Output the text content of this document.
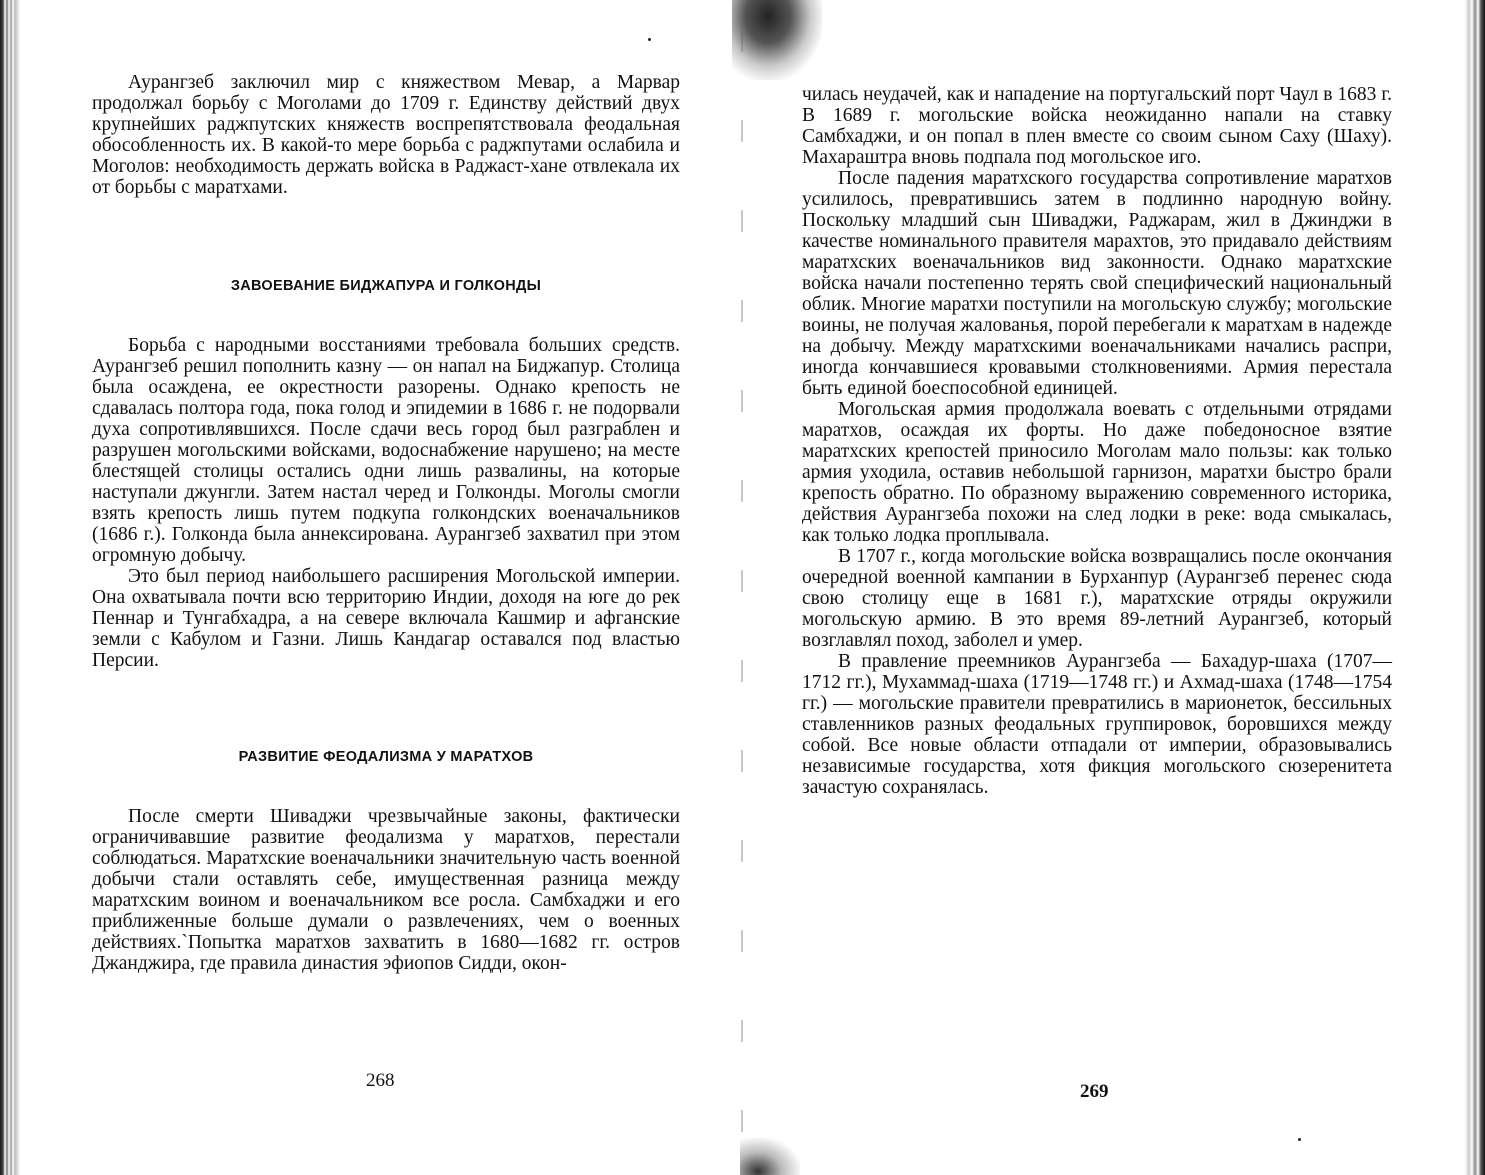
Аурангзеб заключил мир с княжеством Мевар, а Марвар продолжал борьбу с Моголами до 1709 г. Единству действий двух крупнейших раджпутских княжеств воспрепятствовала феодальная обособленность их. В какой-то мере борьба с раджпутами ослабила и Моголов: необходимость держать войска в Раджаст-хане отвлекала их от борьбы с маратхами.

ЗАВОЕВАНИЕ БИДЖАПУРА И ГОЛКОНДЫ

Борьба с народными восстаниями требовала больших средств. Аурангзеб решил пополнить казну — он напал на Биджапур. Столица была осаждена, ее окрестности разорены. Однако крепость не сдавалась полтора года, пока голод и эпидемии в 1686 г. не подорвали духа сопротивлявшихся. После сдачи весь город был разграблен и разрушен могольскими войсками, водоснабжение нарушено; на месте блестящей столицы остались одни лишь развалины, на которые наступали джунгли. Затем настал черед и Голконды. Моголы смогли взять крепость лишь путем подкупа голкондских военачальников (1686 г.). Голконда была аннексирована. Аурангзеб захватил при этом огромную добычу.

Это был период наибольшего расширения Могольской империи. Она охватывала почти всю территорию Индии, доходя на юге до рек Пеннар и Тунгабхадра, а на севере включала Кашмир и афганские земли с Кабулом и Газни. Лишь Кандагар оставался под властью Персии.

РАЗВИТИЕ ФЕОДАЛИЗМА У МАРАТХОВ

После смерти Шиваджи чрезвычайные законы, фактически ограничивавшие развитие феодализма у маратхов, перестали соблюдаться. Маратхские военачальники значительную часть военной добычи стали оставлять себе, имущественная разница между маратхским воином и военачальником все росла. Самбхаджи и его приближенные больше думали о развлечениях, чем о военных действиях.`Попытка маратхов захватить в 1680—1682 гг. остров Джанджира, где правила династия эфиопов Сидди, окон-

268

чилась неудачей, как и нападение на португальский порт Чаул в 1683 г. В 1689 г. могольские войска неожиданно напали на ставку Самбхаджи, и он попал в плен вместе со своим сыном Саху (Шаху). Махараштра вновь подпала под могольское иго.

После падения маратхского государства сопротивление маратхов усилилось, превратившись затем в подлинно народную войну. Поскольку младший сын Шиваджи, Раджарам, жил в Джинджи в качестве номинального правителя марахтов, это придавало действиям маратхских военачальников вид законности. Однако маратхские войска начали постепенно терять свой специфический национальный облик. Многие маратхи поступили на могольскую службу; могольские воины, не получая жалованья, порой перебегали к маратхам в надежде на добычу. Между маратхскими военачальниками начались распри, иногда кончавшиеся кровавыми столкновениями. Армия перестала быть единой боеспособной единицей.

Могольская армия продолжала воевать с отдельными отрядами маратхов, осаждая их форты. Но даже победоносное взятие маратхских крепостей приносило Моголам мало пользы: как только армия уходила, оставив небольшой гарнизон, маратхи быстро брали крепость обратно. По образному выражению современного историка, действия Аурангзеба похожи на след лодки в реке: вода смыкалась, как только лодка проплывала.

В 1707 г., когда могольские войска возвращались после окончания очередной военной кампании в Бурханпур (Аурангзеб перенес сюда свою столицу еще в 1681 г.), маратхские отряды окружили могольскую армию. В это время 89-летний Аурангзеб, который возглавлял поход, заболел и умер.

В правление преемников Аурангзеба — Бахадур-шаха (1707—1712 гг.), Мухаммад-шаха (1719—1748 гг.) и Ахмад-шаха (1748—1754 гг.) — могольские правители превратились в марионеток, бессильных ставленников разных феодальных группировок, боровшихся между собой. Все новые области отпадали от империи, образовывались независимые государства, хотя фикция могольского сюзеренитета зачастую сохранялась.

269
